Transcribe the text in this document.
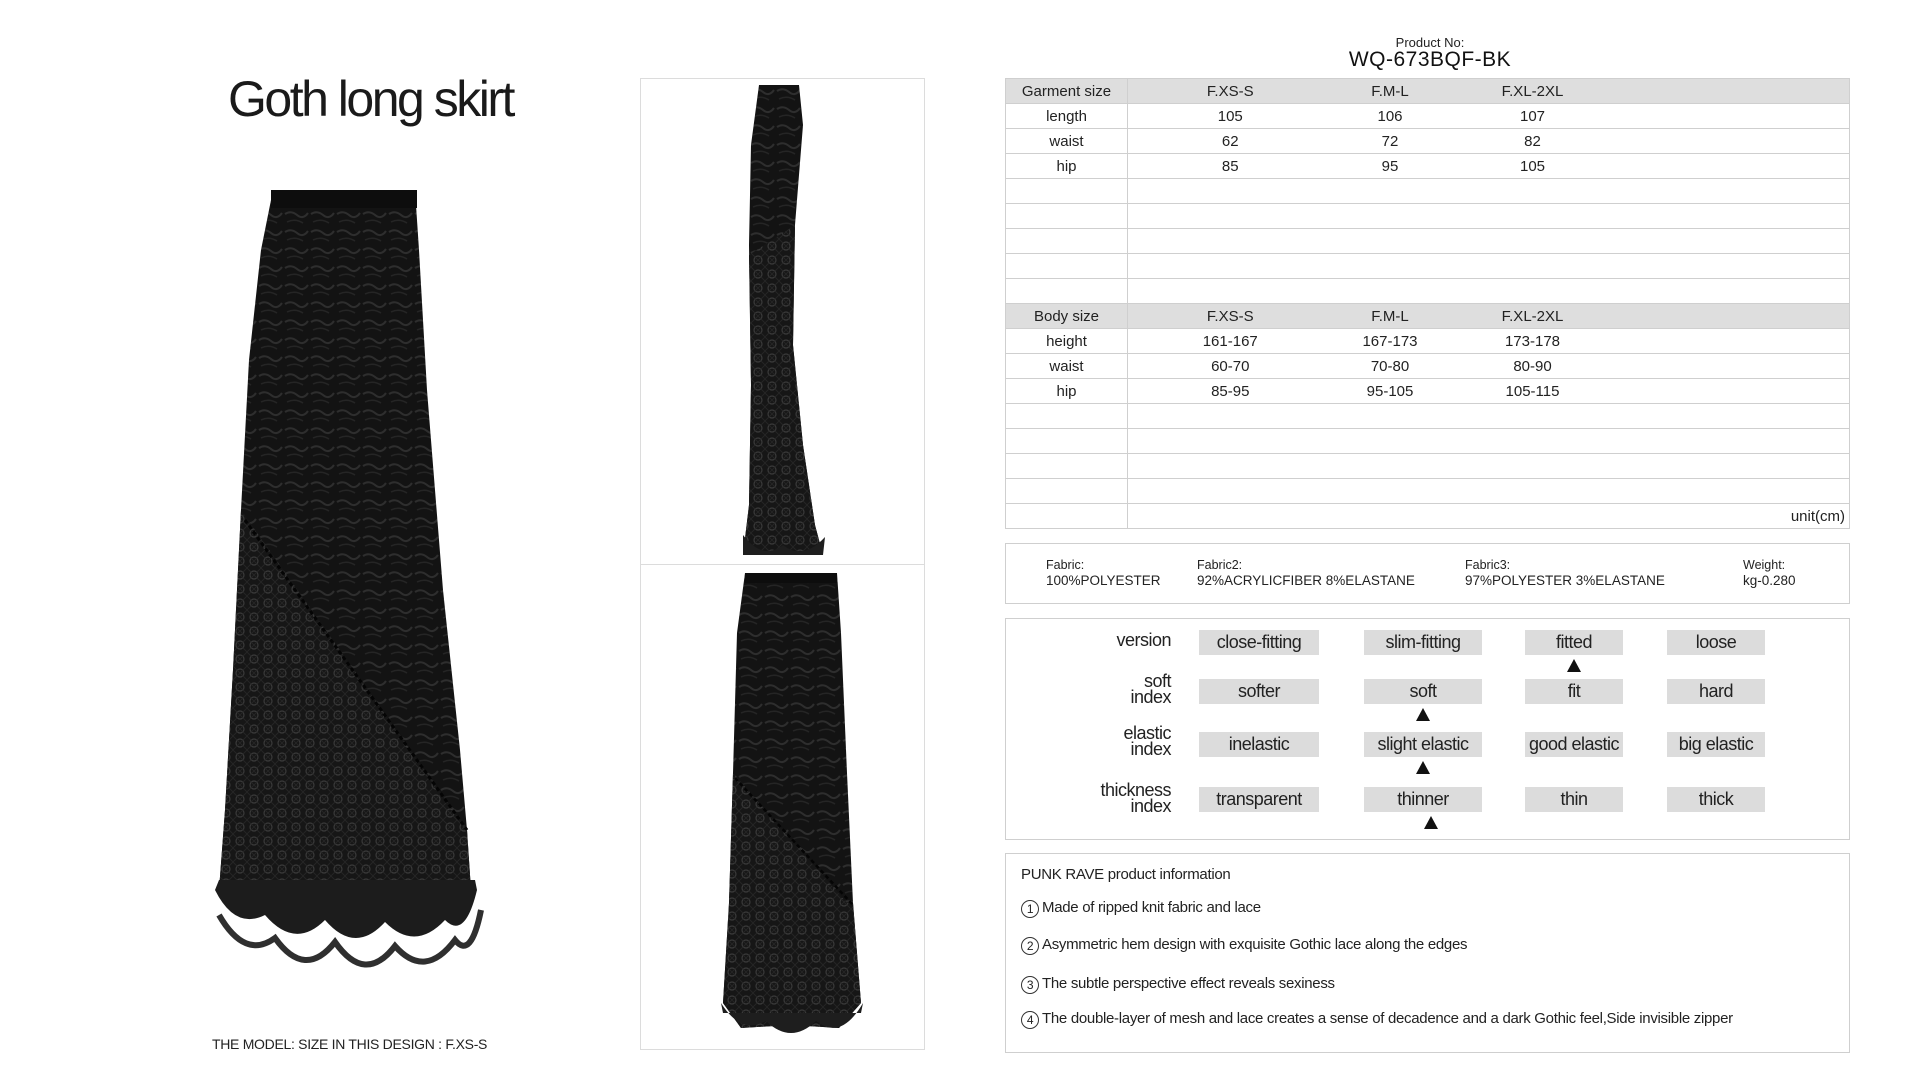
Goth long skirt
THE MODEL: SIZE IN THIS DESIGN : F.XS-S
Product No:
WQ-673BQF-BK
Garment size	F.XS-S	F.M-L	F.XL-2XL	
length	105	106	107	
waist	62	72	82	
hip	85	95	105	

Body size	F.XS-S	F.M-L	F.XL-2XL	
height	161-167	167-173	173-178	
waist	60-70	70-80	80-90	
hip	85-95	95-105	105-115	

	unit(cm)			
Fabric:
100%POLYESTER
Fabric2:
92%ACRYLICFIBER 8%ELASTANE
Fabric3:
97%POLYESTER 3%ELASTANE
Weight:
kg-0.280
version	close-fitting	slim-fitting	fitted	loose
soft
index	softer	soft	fit	hard
elastic
index	inelastic	slight elastic	good elastic	big elastic
thickness
index	transparent	thinner	thin	thick
PUNK RAVE product information
1 Made of ripped knit fabric and lace
2 Asymmetric hem design with exquisite Gothic lace along the edges
3 The subtle perspective effect reveals sexiness
4 The double-layer of mesh and lace creates a sense of decadence and a dark Gothic feel,Side invisible zipper
